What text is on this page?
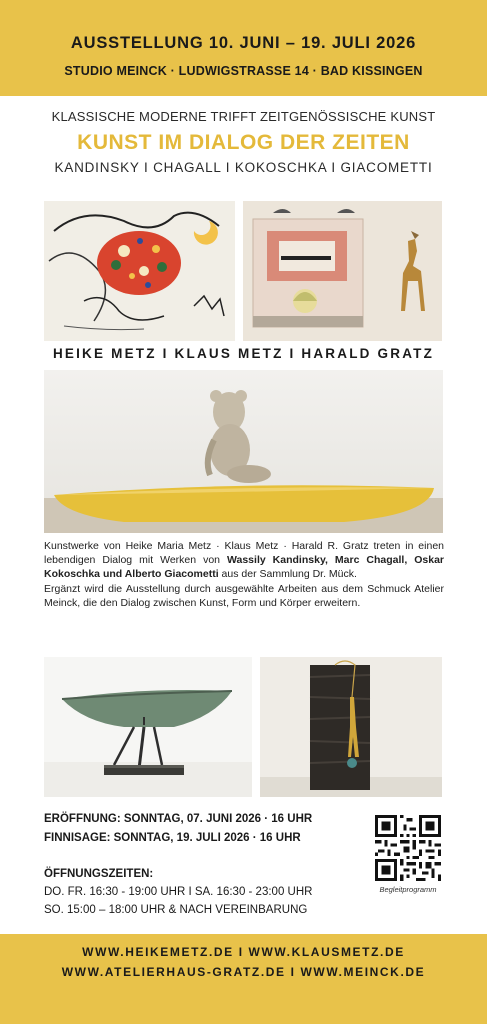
AUSSTELLUNG 10. JUNI – 19. JULI 2026
STUDIO MEINCK · LUDWIGSTRASSE 14 · BAD KISSINGEN
KLASSISCHE MODERNE TRIFFT ZEITGENÖSSISCHE KUNST
KUNST IM DIALOG DER ZEITEN
KANDINSKY I CHAGALL I KOKOSCHKA I GIACOMETTI
HEIKE METZ I KLAUS METZ I HARALD GRATZ

Kunstwerke von Heike Maria Metz · Klaus Metz · Harald R. Gratz treten in einen lebendigen Dialog mit Werken von Wassily Kandinsky, Marc Chagall, Oskar Kokoschka und Alberto Giacometti aus der Sammlung Dr. Mück.

Ergänzt wird die Ausstellung durch ausgewählte Arbeiten aus dem Schmuck Atelier Meinck, die den Dialog zwischen Kunst, Form und Körper erweitern.

ERÖFFNUNG: SONNTAG, 07. JUNI 2026 · 16 UHR
FINNISAGE: SONNTAG, 19. JULI 2026 · 16 UHR
ÖFFNUNGSZEITEN:
DO. FR. 16:30 - 19:00 UHR I SA. 16:30 - 23:00 UHR
SO. 15:00 – 18:00 UHR & NACH VEREINBARUNG
Begleitprogramm
WWW.HEIKEMETZ.DE I WWW.KLAUSMETZ.DE
WWW.ATELIERHAUS-GRATZ.DE I WWW.MEINCK.DE
